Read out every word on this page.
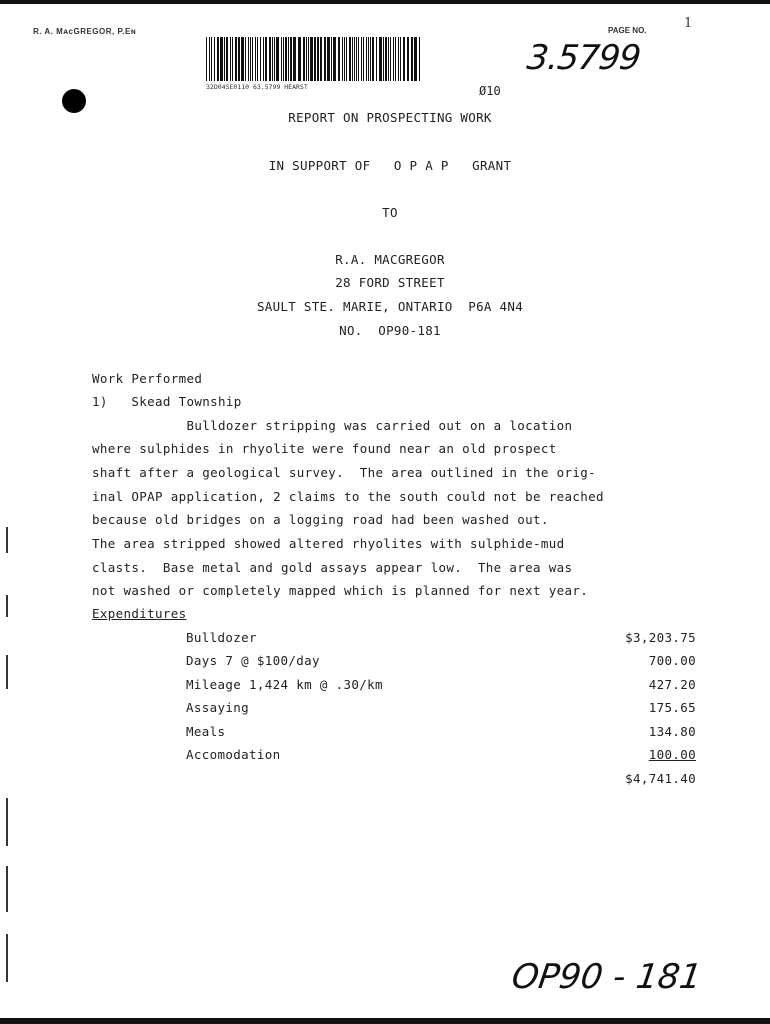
R. A. MᴀcGREGOR, P.Eɴ	PAGE NO.	1
32D04SE0110 63.5799 HEARST	Ø10
3.5799
REPORT ON PROSPECTING WORK
IN SUPPORT OF   O P A P   GRANT
TO
R.A. MACGREGOR
28 FORD STREET
SAULT STE. MARIE, ONTARIO  P6A 4N4
NO.  OP90-181
Work Performed
1)   Skead Township
Bulldozer stripping was carried out on a location
where sulphides in rhyolite were found near an old prospect
shaft after a geological survey.  The area outlined in the orig-
inal OPAP application, 2 claims to the south could not be reached
because old bridges on a logging road had been washed out.
The area stripped showed altered rhyolites with sulphide-mud
clasts.  Base metal and gold assays appear low.  The area was
not washed or completely mapped which is planned for next year.
Expenditures
Bulldozer	$3,203.75
Days 7 @ $100/day	700.00
Mileage 1,424 km @ .30/km	427.20
Assaying	175.65
Meals	134.80
Accomodation	100.00
$4,741.40
OP90 - 181
